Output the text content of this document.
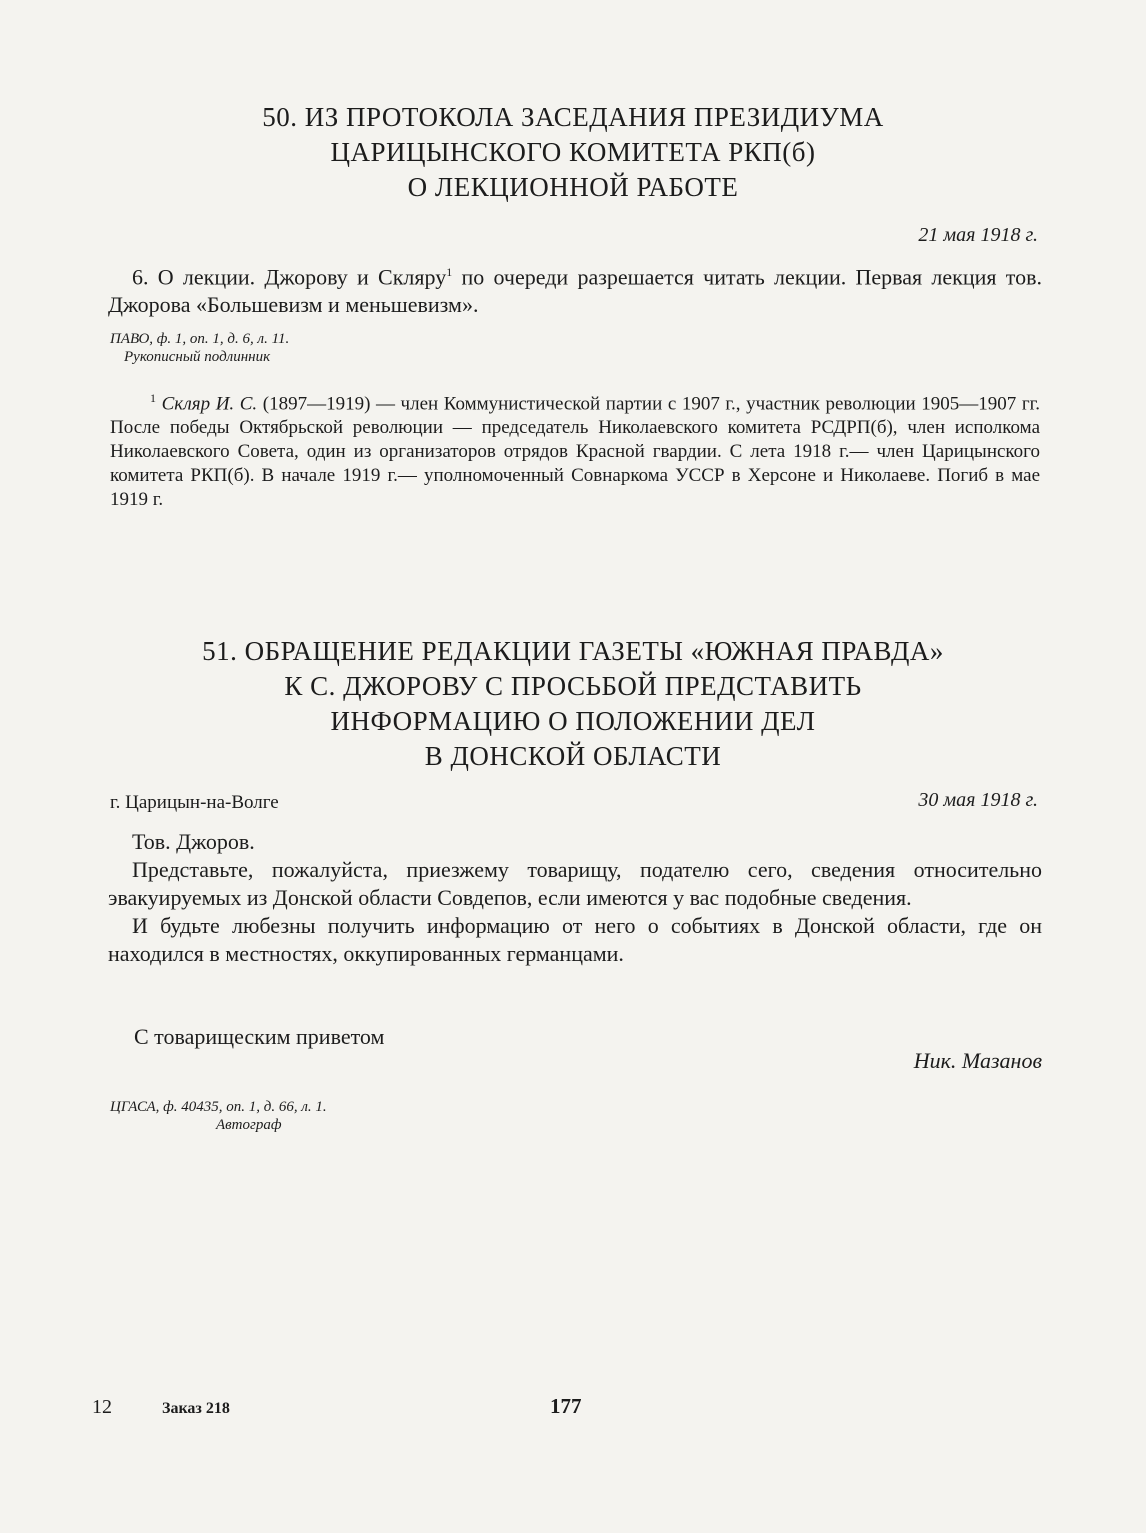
50. ИЗ ПРОТОКОЛА ЗАСЕДАНИЯ ПРЕЗИДИУМА
ЦАРИЦЫНСКОГО КОМИТЕТА РКП(б)
О ЛЕКЦИОННОЙ РАБОТЕ
21 мая 1918 г.

6. О лекции. Джорову и Скляру$^1$ по очереди разрешается читать лекции. Первая лекция тов. Джорова «Большевизм и меньшевизм».

ПАВО, ф. 1, оп. 1, д. 6, л. 11.
Рукописный подлинник

$^1$ Скляр И. С. (1897—1919) — член Коммунистической партии с 1907 г., участник революции 1905—1907 гг. После победы Октябрьской революции — председатель Николаевского комитета РСДРП(б), член исполкома Николаевского Совета, один из организаторов отрядов Красной гвардии. С лета 1918 г.— член Царицынского комитета РКП(б). В начале 1919 г.— уполномоченный Совнаркома УССР в Херсоне и Николаеве. Погиб в мае 1919 г.

51. ОБРАЩЕНИЕ РЕДАКЦИИ ГАЗЕТЫ «ЮЖНАЯ ПРАВДА»
К С. ДЖОРОВУ С ПРОСЬБОЙ ПРЕДСТАВИТЬ
ИНФОРМАЦИЮ О ПОЛОЖЕНИИ ДЕЛ
В ДОНСКОЙ ОБЛАСТИ
г. Царицын-на-Волге	30 мая 1918 г.

Тов. Джоров.

Представьте, пожалуйста, приезжему товарищу, подателю сего, сведения относительно эвакуируемых из Донской области Совдепов, если имеются у вас подобные сведения.

И будьте любезны получить информацию от него о событиях в Донской области, где он находился в местностях, оккупированных германцами.

С товарищеским приветом
Ник. Мазанов
ЦГАСА, ф. 40435, оп. 1, д. 66, л. 1.
Автограф
12	Заказ 218	177
